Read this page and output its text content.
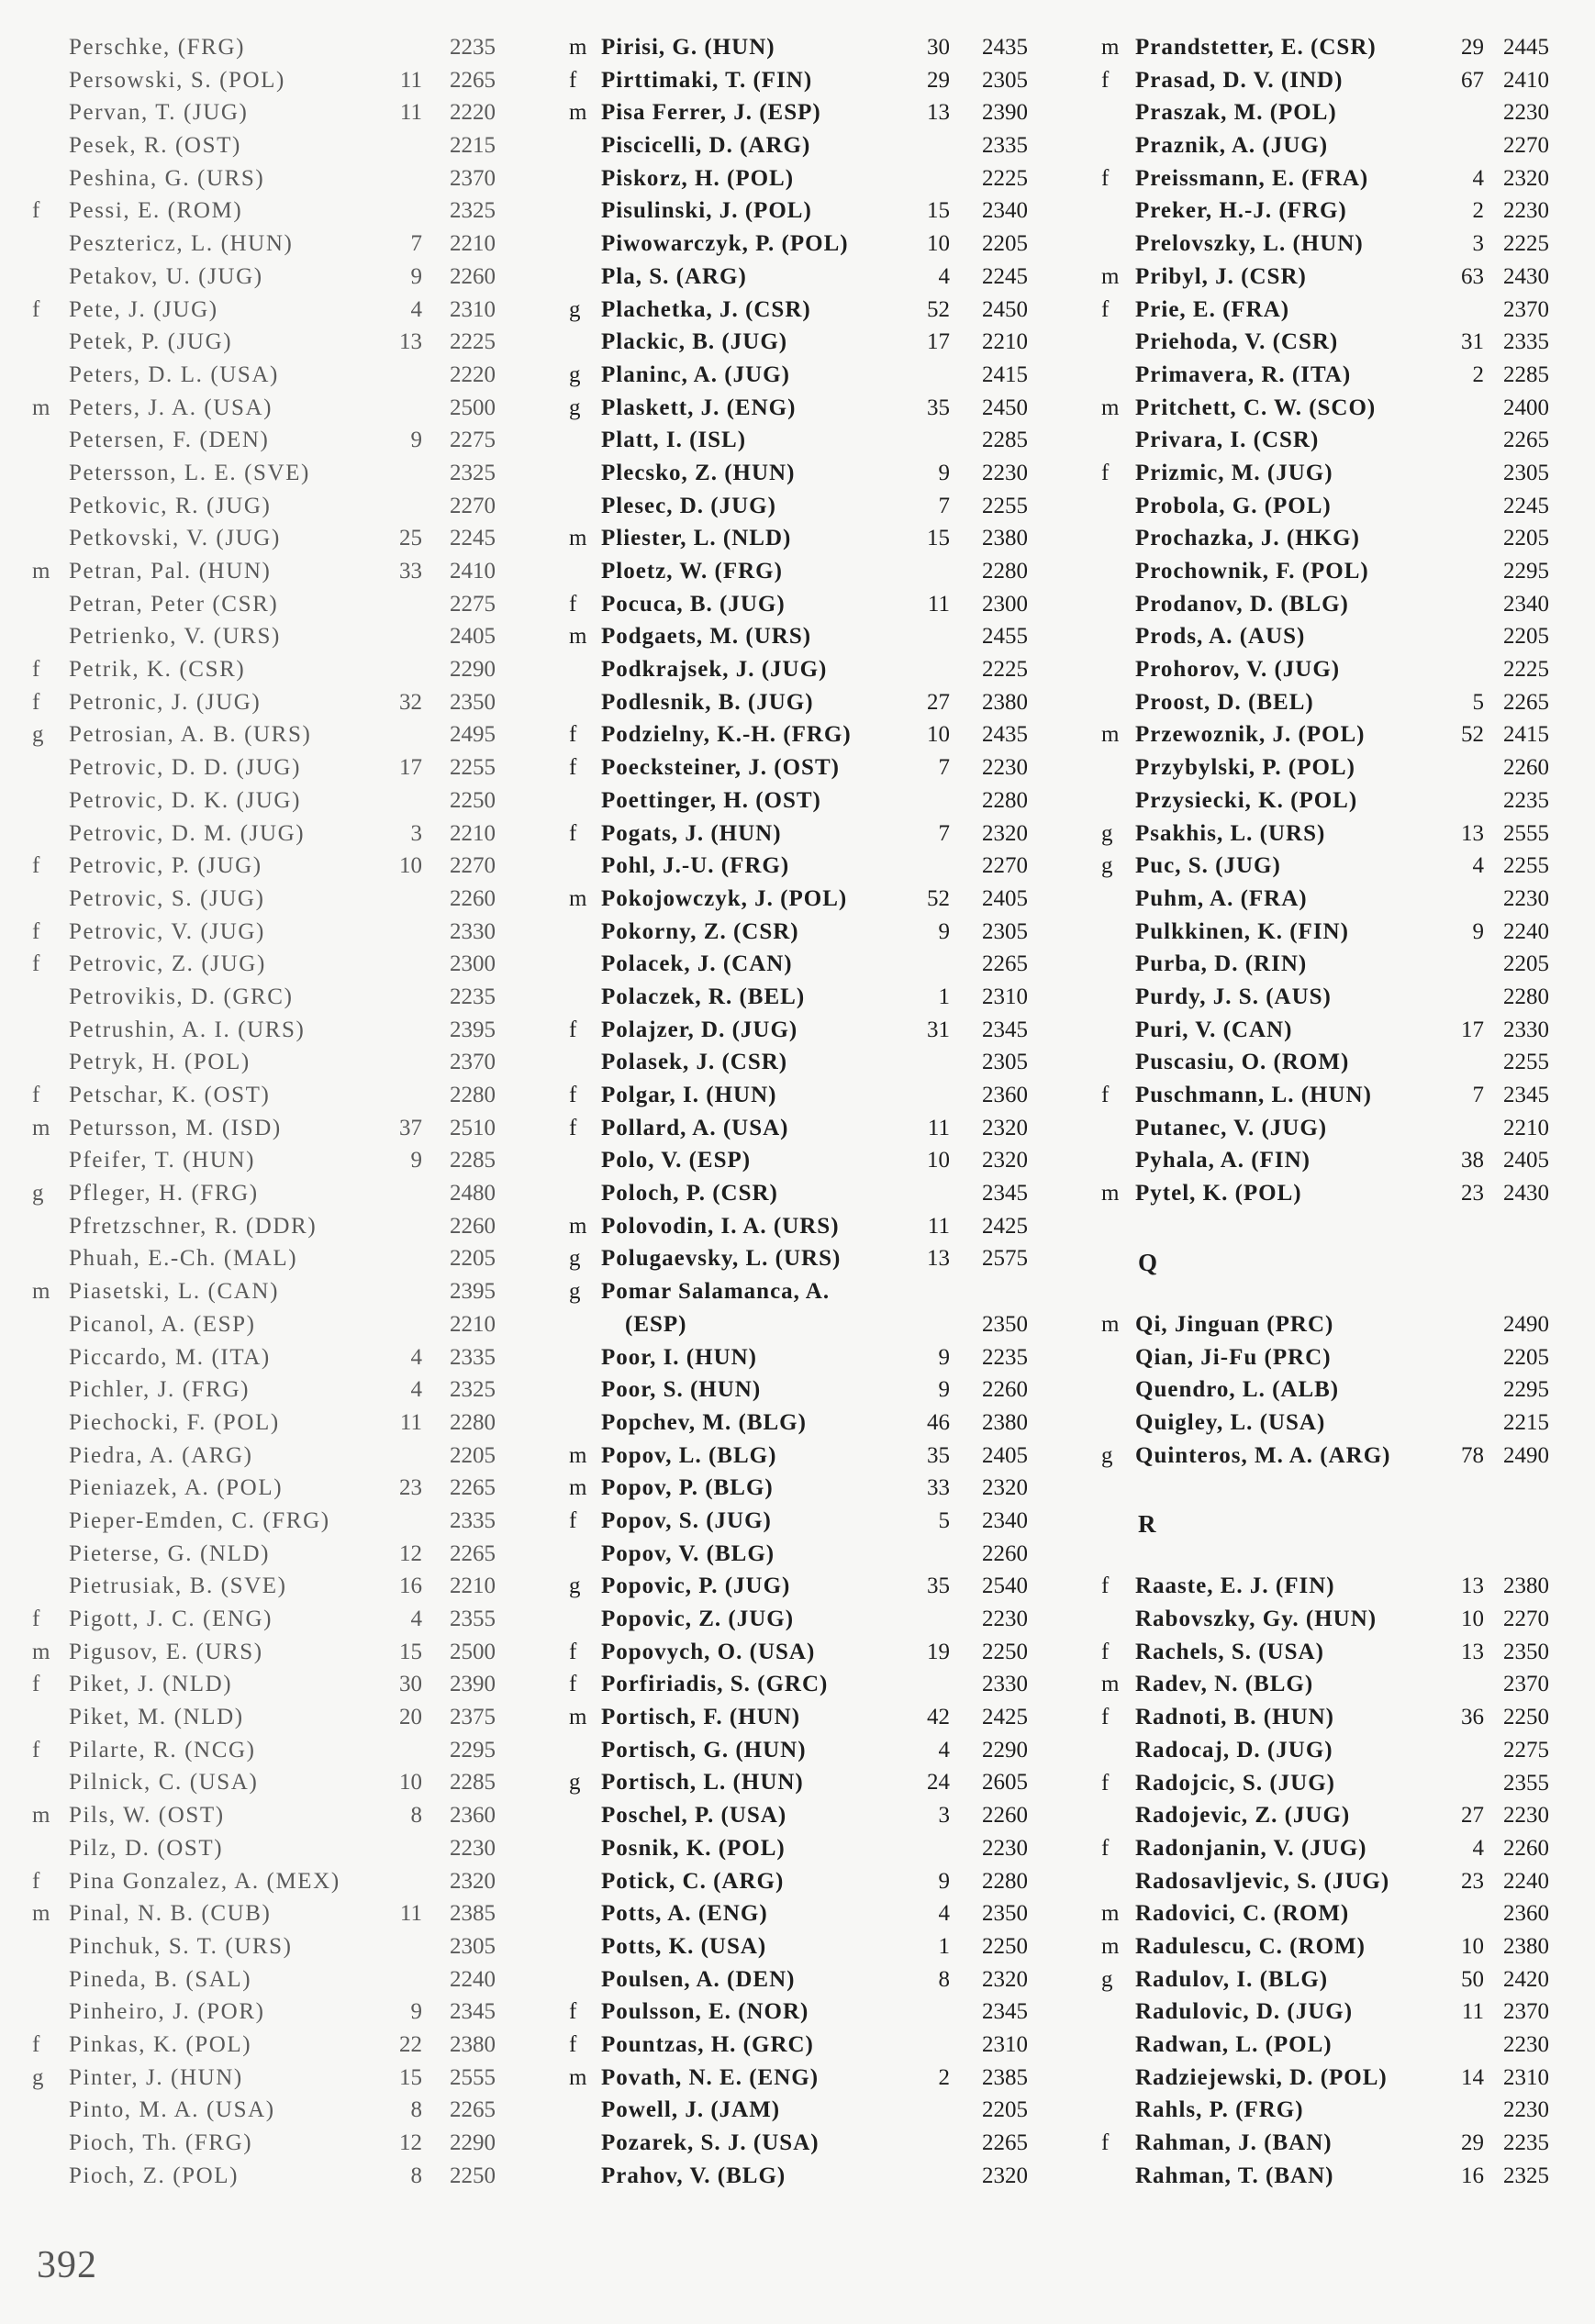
Perschke, (FRG)	2235
Persowski, S. (POL)	11 2265
Pervan, T. (JUG)	11 2220
Pesek, R. (OST)	2215
Peshina, G. (URS)	2370
f Pessi, E. (ROM)	2325
Pesztericz, L. (HUN)	7 2210
Petakov, U. (JUG)	9 2260
f Pete, J. (JUG)	4 2310
Petek, P. (JUG)	13 2225
Peters, D. L. (USA)	2220
m Peters, J. A. (USA)	2500
Petersen, F. (DEN)	9 2275
Petersson, L. E. (SVE)	2325
Petkovic, R. (JUG)	2270
Petkovski, V. (JUG)	25 2245
m Petran, Pal. (HUN)	33 2410
Petran, Peter (CSR)	2275
Petrienko, V. (URS)	2405
f Petrik, K. (CSR)	2290
f Petronic, J. (JUG)	32 2350
g Petrosian, A. B. (URS)	2495
Petrovic, D. D. (JUG)	17 2255
Petrovic, D. K. (JUG)	2250
Petrovic, D. M. (JUG)	3 2210
f Petrovic, P. (JUG)	10 2270
Petrovic, S. (JUG)	2260
f Petrovic, V. (JUG)	2330
f Petrovic, Z. (JUG)	2300
Petrovikis, D. (GRC)	2235
Petrushin, A. I. (URS)	2395
Petryk, H. (POL)	2370
f Petschar, K. (OST)	2280
m Petursson, M. (ISD)	37 2510
Pfeifer, T. (HUN)	9 2285
g Pfleger, H. (FRG)	2480
Pfretzschner, R. (DDR)	2260
Phuah, E.-Ch. (MAL)	2205
m Piasetski, L. (CAN)	2395
Picanol, A. (ESP)	2210
Piccardo, M. (ITA)	4 2335
Pichler, J. (FRG)	4 2325
Piechocki, F. (POL)	11 2280
Piedra, A. (ARG)	2205
Pieniazek, A. (POL)	23 2265
Pieper-Emden, C. (FRG)	2335
Pieterse, G. (NLD)	12 2265
Pietrusiak, B. (SVE)	16 2210
f Pigott, J. C. (ENG)	4 2355
m Pigusov, E. (URS)	15 2500
f Piket, J. (NLD)	30 2390
Piket, M. (NLD)	20 2375
f Pilarte, R. (NCG)	2295
Pilnick, C. (USA)	10 2285
m Pils, W. (OST)	8 2360
Pilz, D. (OST)	2230
f Pina Gonzalez, A. (MEX)	2320
m Pinal, N. B. (CUB)	11 2385
Pinchuk, S. T. (URS)	2305
Pineda, B. (SAL)	2240
Pinheiro, J. (POR)	9 2345
f Pinkas, K. (POL)	22 2380
g Pinter, J. (HUN)	15 2555
Pinto, M. A. (USA)	8 2265
Pioch, Th. (FRG)	12 2290
Pioch, Z. (POL)	8 2250
m Pirisi, G. (HUN)	30 2435
f Pirttimaki, T. (FIN)	29 2305
m Pisa Ferrer, J. (ESP)	13 2390
Piscicelli, D. (ARG)	2335
Piskorz, H. (POL)	2225
Pisulinski, J. (POL)	15 2340
Piwowarczyk, P. (POL)	10 2205
Pla, S. (ARG)	4 2245
g Plachetka, J. (CSR)	52 2450
Plackic, B. (JUG)	17 2210
g Planinc, A. (JUG)	2415
g Plaskett, J. (ENG)	35 2450
Platt, I. (ISL)	2285
Plecsko, Z. (HUN)	9 2230
Plesec, D. (JUG)	7 2255
m Pliester, L. (NLD)	15 2380
Ploetz, W. (FRG)	2280
f Pocuca, B. (JUG)	11 2300
m Podgaets, M. (URS)	2455
Podkrajsek, J. (JUG)	2225
Podlesnik, B. (JUG)	27 2380
f Podzielny, K.-H. (FRG)	10 2435
f Poecksteiner, J. (OST)	7 2230
Poettinger, H. (OST)	2280
f Pogats, J. (HUN)	7 2320
Pohl, J.-U. (FRG)	2270
m Pokojowczyk, J. (POL)	52 2405
Pokorny, Z. (CSR)	9 2305
Polacek, J. (CAN)	2265
Polaczek, R. (BEL)	1 2310
f Polajzer, D. (JUG)	31 2345
Polasek, J. (CSR)	2305
f Polgar, I. (HUN)	2360
f Pollard, A. (USA)	11 2320
Polo, V. (ESP)	10 2320
Poloch, P. (CSR)	2345
m Polovodin, I. A. (URS)	11 2425
g Polugaevsky, L. (URS)	13 2575
g Pomar Salamanca, A.
(ESP)	2350
Poor, I. (HUN)	9 2235
Poor, S. (HUN)	9 2260
Popchev, M. (BLG)	46 2380
m Popov, L. (BLG)	35 2405
m Popov, P. (BLG)	33 2320
f Popov, S. (JUG)	5 2340
Popov, V. (BLG)	2260
g Popovic, P. (JUG)	35 2540
Popovic, Z. (JUG)	2230
f Popovych, O. (USA)	19 2250
f Porfiriadis, S. (GRC)	2330
m Portisch, F. (HUN)	42 2425
Portisch, G. (HUN)	4 2290
g Portisch, L. (HUN)	24 2605
Poschel, P. (USA)	3 2260
Posnik, K. (POL)	2230
Potick, C. (ARG)	9 2280
Potts, A. (ENG)	4 2350
Potts, K. (USA)	1 2250
Poulsen, A. (DEN)	8 2320
f Poulsson, E. (NOR)	2345
f Pountzas, H. (GRC)	2310
m Povath, N. E. (ENG)	2 2385
Powell, J. (JAM)	2205
Pozarek, S. J. (USA)	2265
Prahov, V. (BLG)	2320
m Prandstetter, E. (CSR)	29 2445
f Prasad, D. V. (IND)	67 2410
Praszak, M. (POL)	2230
Praznik, A. (JUG)	2270
f Preissmann, E. (FRA)	4 2320
Preker, H.-J. (FRG)	2 2230
Prelovszky, L. (HUN)	3 2225
m Pribyl, J. (CSR)	63 2430
f Prie, E. (FRA)	2370
Priehoda, V. (CSR)	31 2335
Primavera, R. (ITA)	2 2285
m Pritchett, C. W. (SCO)	2400
Privara, I. (CSR)	2265
f Prizmic, M. (JUG)	2305
Probola, G. (POL)	2245
Prochazka, J. (HKG)	2205
Prochownik, F. (POL)	2295
Prodanov, D. (BLG)	2340
Prods, A. (AUS)	2205
Prohorov, V. (JUG)	2225
Proost, D. (BEL)	5 2265
m Przewoznik, J. (POL)	52 2415
Przybylski, P. (POL)	2260
Przysiecki, K. (POL)	2235
g Psakhis, L. (URS)	13 2555
g Puc, S. (JUG)	4 2255
Puhm, A. (FRA)	2230
Pulkkinen, K. (FIN)	9 2240
Purba, D. (RIN)	2205
Purdy, J. S. (AUS)	2280
Puri, V. (CAN)	17 2330
Puscasiu, O. (ROM)	2255
f Puschmann, L. (HUN)	7 2345
Putanec, V. (JUG)	2210
Pyhala, A. (FIN)	38 2405
m Pytel, K. (POL)	23 2430
Q
m Qi, Jinguan (PRC)	2490
Qian, Ji-Fu (PRC)	2205
Quendro, L. (ALB)	2295
Quigley, L. (USA)	2215
g Quinteros, M. A. (ARG)	78 2490
R
f Raaste, E. J. (FIN)	13 2380
Rabovszky, Gy. (HUN)	10 2270
f Rachels, S. (USA)	13 2350
m Radev, N. (BLG)	2370
f Radnoti, B. (HUN)	36 2250
Radocaj, D. (JUG)	2275
f Radojcic, S. (JUG)	2355
Radojevic, Z. (JUG)	27 2230
f Radonjanin, V. (JUG)	4 2260
Radosavljevic, S. (JUG)	23 2240
m Radovici, C. (ROM)	2360
m Radulescu, C. (ROM)	10 2380
g Radulov, I. (BLG)	50 2420
Radulovic, D. (JUG)	11 2370
Radwan, L. (POL)	2230
Radziejewski, D. (POL)	14 2310
Rahls, P. (FRG)	2230
f Rahman, J. (BAN)	29 2235
Rahman, T. (BAN)	16 2325
392
